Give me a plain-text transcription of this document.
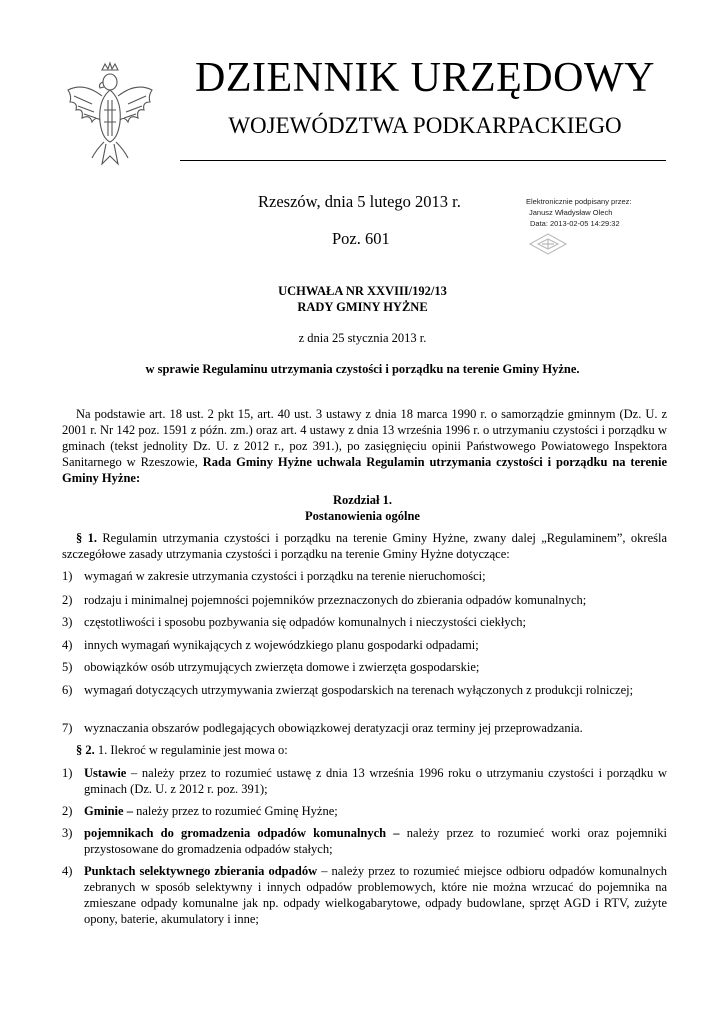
DZIENNIK URZĘDOWY
WOJEWÓDZTWA PODKARPACKIEGO
Rzeszów, dnia 5 lutego 2013 r.
Poz. 601
Elektronicznie podpisany przez:
Janusz Władysław Olech
Data: 2013-02-05 14:29:32
UCHWAŁA NR XXVIII/192/13
RADY GMINY HYŻNE
z dnia 25 stycznia 2013 r.
w sprawie Regulaminu utrzymania czystości i porządku na terenie Gminy Hyżne.
Na podstawie art. 18 ust. 2 pkt 15, art. 40 ust. 3 ustawy z dnia 18 marca 1990 r. o samorządzie gminnym (Dz. U. z 2001 r. Nr 142 poz. 1591 z późn. zm.) oraz art. 4 ustawy z dnia 13 września 1996 r. o utrzymaniu czystości i porządku w gminach (tekst jednolity Dz. U. z 2012 r., poz 391.), po zasięgnięciu opinii Państwowego Powiatowego Inspektora Sanitarnego w Rzeszowie, Rada Gminy Hyżne uchwala Regulamin utrzymania czystości i porządku na terenie Gminy Hyżne:
Rozdział 1.
Postanowienia ogólne
§ 1. Regulamin utrzymania czystości i porządku na terenie Gminy Hyżne, zwany dalej „Regulaminem”, określa szczegółowe zasady utrzymania czystości i porządku na terenie Gminy Hyżne dotyczące:
1) wymagań w zakresie utrzymania czystości i porządku na terenie nieruchomości;
2) rodzaju i minimalnej pojemności pojemników przeznaczonych do zbierania odpadów komunalnych;
3) częstotliwości i sposobu pozbywania się odpadów komunalnych i nieczystości ciekłych;
4) innych wymagań wynikających z wojewódzkiego planu gospodarki odpadami;
5) obowiązków osób utrzymujących zwierzęta domowe i zwierzęta gospodarskie;
6) wymagań dotyczących utrzymywania zwierząt gospodarskich na terenach wyłączonych z produkcji rolniczej;
7) wyznaczania obszarów podlegających obowiązkowej deratyzacji oraz terminy jej przeprowadzania.
§ 2. 1. Ilekroć w regulaminie jest mowa o:
1) Ustawie – należy przez to rozumieć ustawę z dnia 13 września 1996 roku o utrzymaniu czystości i porządku w gminach (Dz. U. z 2012 r. poz. 391);
2) Gminie – należy przez to rozumieć Gminę Hyżne;
3) pojemnikach do gromadzenia odpadów komunalnych – należy przez to rozumieć worki oraz pojemniki przystosowane do gromadzenia odpadów stałych;
4) Punktach selektywnego zbierania odpadów – należy przez to rozumieć miejsce odbioru odpadów komunalnych zebranych w sposób selektywny i innych odpadów problemowych, które nie można wrzucać do pojemnika na zmieszane odpady komunalne jak np. odpady wielkogabarytowe, odpady budowlane, sprzęt AGD i RTV, zużyte opony, baterie, akumulatory i inne;
